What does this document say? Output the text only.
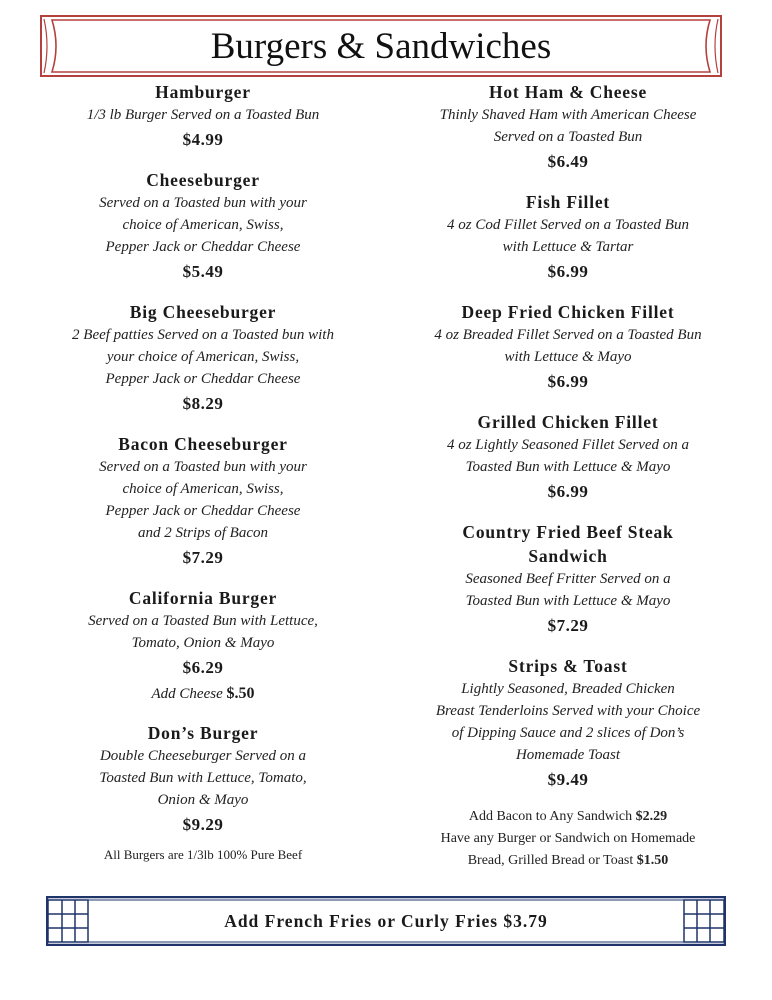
Burgers & Sandwiches
Hamburger
1/3 lb Burger Served on a Toasted Bun
$4.99
Cheeseburger
Served on a Toasted bun with your
choice of American, Swiss,
Pepper Jack or Cheddar Cheese
$5.49
Big Cheeseburger
2 Beef patties Served on a Toasted bun with
your choice of American, Swiss,
Pepper Jack or Cheddar Cheese
$8.29
Bacon Cheeseburger
Served on a Toasted bun with your
choice of American, Swiss,
Pepper Jack or Cheddar Cheese
and 2 Strips of Bacon
$7.29
California Burger
Served on a Toasted Bun with Lettuce,
Tomato, Onion & Mayo
$6.29
Add Cheese $.50
Don’s Burger
Double Cheeseburger Served on a
Toasted Bun with Lettuce, Tomato,
Onion & Mayo
$9.29
All Burgers are 1/3lb 100% Pure Beef
Hot Ham & Cheese
Thinly Shaved Ham with American Cheese
Served on a Toasted Bun
$6.49
Fish Fillet
4 oz Cod Fillet Served on a Toasted Bun
with Lettuce & Tartar
$6.99
Deep Fried Chicken Fillet
4 oz Breaded Fillet Served on a Toasted Bun
with Lettuce & Mayo
$6.99
Grilled Chicken Fillet
4 oz Lightly Seasoned Fillet Served on a
Toasted Bun with Lettuce & Mayo
$6.99
Country Fried Beef Steak
Sandwich
Seasoned Beef Fritter Served on a
Toasted Bun with Lettuce & Mayo
$7.29
Strips & Toast
Lightly Seasoned, Breaded Chicken
Breast Tenderloins Served with your Choice
of Dipping Sauce and 2 slices of Don’s
Homemade Toast
$9.49
Add Bacon to Any Sandwich $2.29
Have any Burger or Sandwich on Homemade
Bread, Grilled Bread or Toast $1.50
Add French Fries or Curly Fries $3.79
